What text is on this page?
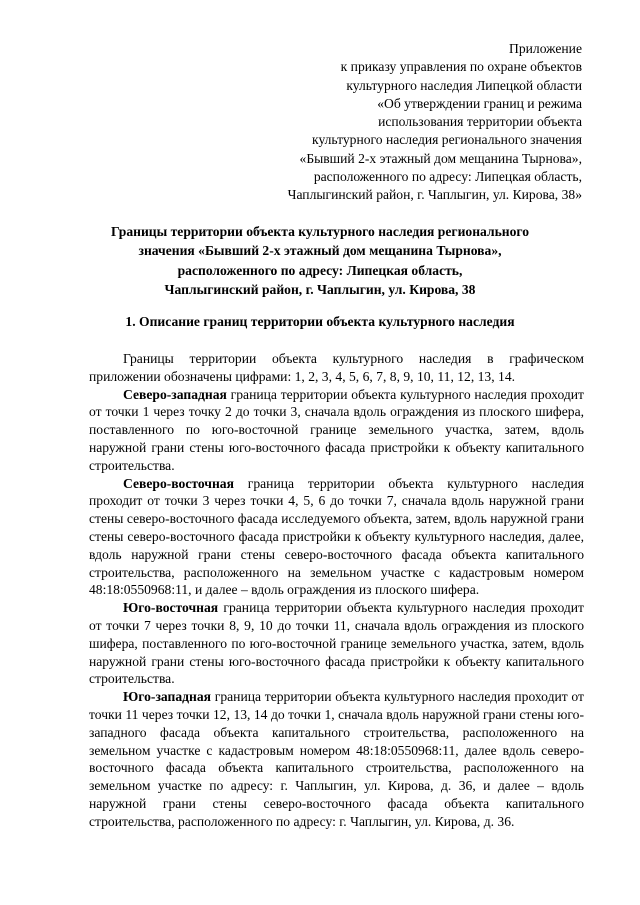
Приложение
к приказу управления по охране объектов
культурного наследия Липецкой области
«Об утверждении границ и режима
использования территории объекта
культурного наследия регионального значения
«Бывший 2-х этажный дом мещанина Тырнова»,
расположенного по адресу: Липецкая область,
Чаплыгинский район, г. Чаплыгин, ул. Кирова, 38»
Границы территории объекта культурного наследия регионального
значения «Бывший 2-х этажный дом мещанина Тырнова»,
расположенного по адресу: Липецкая область,
Чаплыгинский район, г. Чаплыгин, ул. Кирова, 38
1. Описание границ территории объекта культурного наследия

Границы территории объекта культурного наследия в графическом приложении обозначены цифрами: 1, 2, 3, 4, 5, 6, 7, 8, 9, 10, 11, 12, 13, 14.

Северо-западная граница территории объекта культурного наследия проходит от точки 1 через точку 2 до точки 3, сначала вдоль ограждения из плоского шифера, поставленного по юго-восточной границе земельного участка, затем, вдоль наружной грани стены юго-восточного фасада пристройки к объекту капитального строительства.

Северо-восточная граница территории объекта культурного наследия проходит от точки 3 через точки 4, 5, 6 до точки 7, сначала вдоль наружной грани стены северо-восточного фасада исследуемого объекта, затем, вдоль наружной грани стены северо-восточного фасада пристройки к объекту культурного наследия, далее, вдоль наружной грани стены северо-восточного фасада объекта капитального строительства, расположенного на земельном участке с кадастровым номером 48:18:0550968:11, и далее – вдоль ограждения из плоского шифера.

Юго-восточная граница территории объекта культурного наследия проходит от точки 7 через точки 8, 9, 10 до точки 11, сначала вдоль ограждения из плоского шифера, поставленного по юго-восточной границе земельного участка, затем, вдоль наружной грани стены юго-восточного фасада пристройки к объекту капитального строительства.

Юго-западная граница территории объекта культурного наследия проходит от точки 11 через точки 12, 13, 14 до точки 1, сначала вдоль наружной грани стены юго-западного фасада объекта капитального строительства, расположенного на земельном участке с кадастровым номером 48:18:0550968:11, далее вдоль северо-восточного фасада объекта капитального строительства, расположенного на земельном участке по адресу: г. Чаплыгин, ул. Кирова, д. 36, и далее – вдоль наружной грани стены северо-восточного фасада объекта капитального строительства, расположенного по адресу: г. Чаплыгин, ул. Кирова, д. 36.
